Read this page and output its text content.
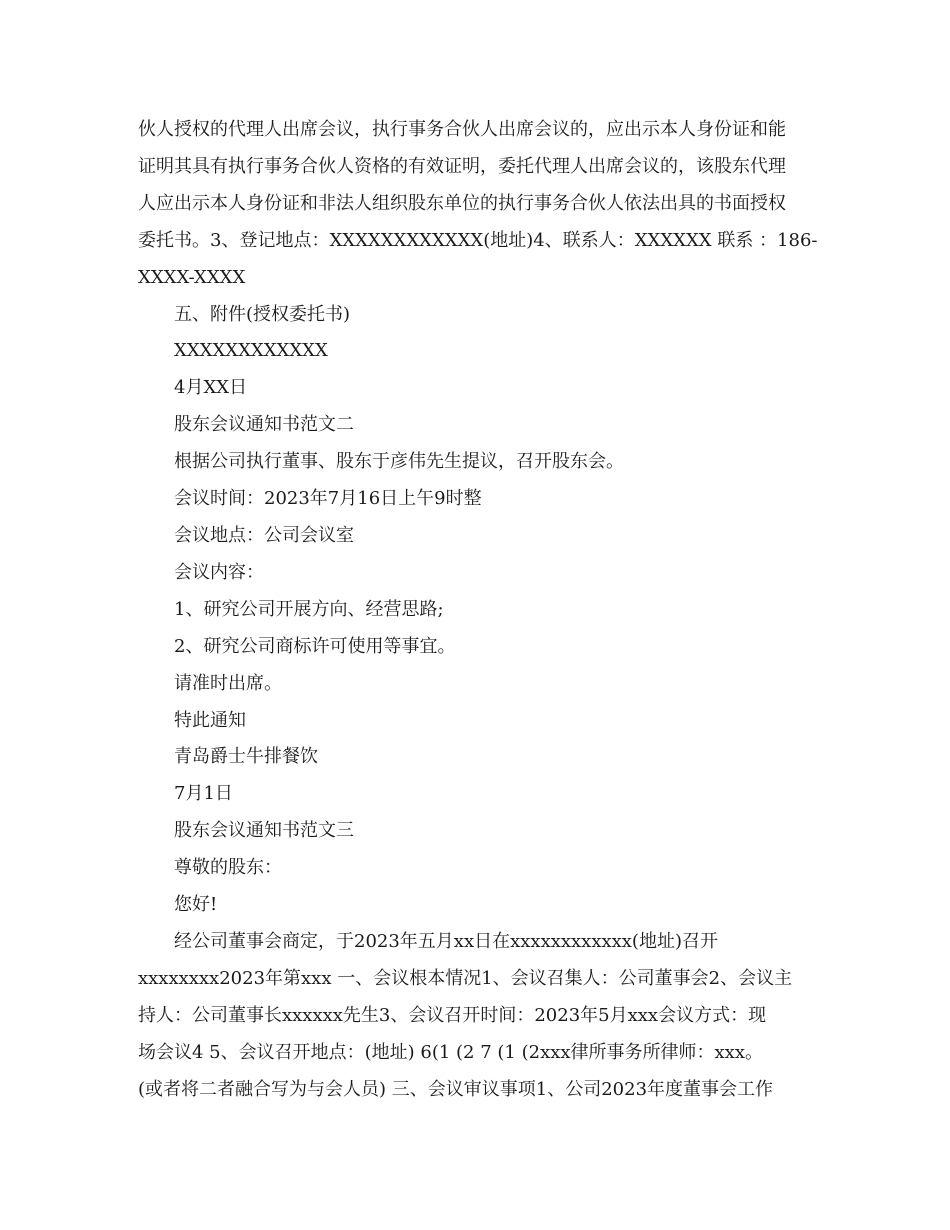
伙人授权的代理人出席会议，执行事务合伙人出席会议的，应出示本人身份证和能

证明其具有执行事务合伙人资格的有效证明，委托代理人出席会议的，该股东代理

人应出示本人身份证和非法人组织股东单位的执行事务合伙人依法出具的书面授权

委托书。3、登记地点：XXXXXXXXXXXX(地址)4、联系人：XXXXXX 联系 ：186-

XXXX-XXXX

五、附件(授权委托书)

XXXXXXXXXXXX

4月XX日

股东会议通知书范文二

根据公司执行董事、股东于彦伟先生提议，召开股东会。

会议时间：2023年7月16日上午9时整

会议地点：公司会议室

会议内容：

1、研究公司开展方向、经营思路;

2、研究公司商标许可使用等事宜。

请准时出席。

特此通知

青岛爵士牛排餐饮

7月1日

股东会议通知书范文三

尊敬的股东：

您好!

经公司董事会商定，于2023年五月xx日在xxxxxxxxxxxx(地址)召开

xxxxxxxx2023年第xxx 一、会议根本情况1、会议召集人：公司董事会2、会议主

持人：公司董事长xxxxxx先生3、会议召开时间：2023年5月xxx会议方式：现

场会议4 5、会议召开地点：(地址) 6(1 (2 7 (1 (2xxx律所事务所律师：xxx。

(或者将二者融合写为与会人员) 三、会议审议事项1、公司2023年度董事会工作
